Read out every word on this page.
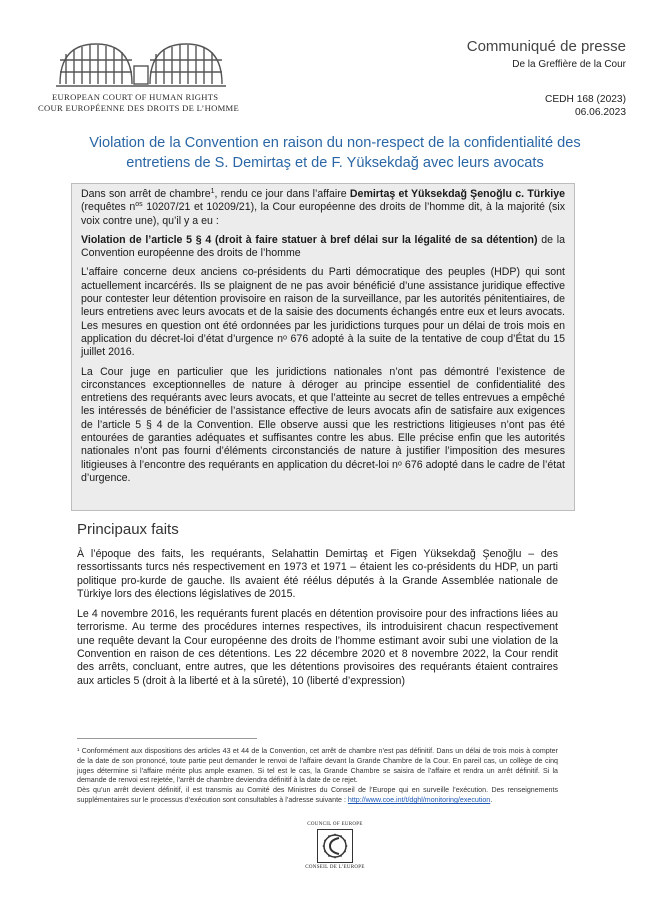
EUROPEAN COURT OF HUMAN RIGHTS
COUR EUROPÉENNE DES DROITS DE L’HOMME
Communiqué de presse
De la Greffière de la Cour
CEDH 168 (2023)
06.06.2023
Violation de la Convention en raison du non-respect de la confidentialité des entretiens de S. Demirtaş et de F. Yüksekdağ avec leurs avocats

Dans son arrêt de chambre$^1$, rendu ce jour dans l’affaire Demirtaş et Yüksekdağ Şenoğlu c. Türkiye (requêtes $n^{os}$ 10207/21 et 10209/21), la Cour européenne des droits de l’homme dit, à la majorité (six voix contre une), qu’il y a eu :

Violation de l’article 5 § 4 (droit à faire statuer à bref délai sur la légalité de sa détention) de la Convention européenne des droits de l’homme

L’affaire concerne deux anciens co-présidents du Parti démocratique des peuples (HDP) qui sont actuellement incarcérés. Ils se plaignent de ne pas avoir bénéficié d’une assistance juridique effective pour contester leur détention provisoire en raison de la surveillance, par les autorités pénitentiaires, de leurs entretiens avec leurs avocats et de la saisie des documents échangés entre eux et leurs avocats. Les mesures en question ont été ordonnées par les juridictions turques pour un délai de trois mois en application du décret-loi d’état d’urgence nᵒ 676 adopté à la suite de la tentative de coup d’État du 15 juillet 2016.

La Cour juge en particulier que les juridictions nationales n’ont pas démontré l’existence de circonstances exceptionnelles de nature à déroger au principe essentiel de confidentialité des entretiens des requérants avec leurs avocats, et que l’atteinte au secret de telles entrevues a empêché les intéressés de bénéficier de l’assistance effective de leurs avocats afin de satisfaire aux exigences de l’article 5 § 4 de la Convention. Elle observe aussi que les restrictions litigieuses n’ont pas été entourées de garanties adéquates et suffisantes contre les abus. Elle précise enfin que les autorités nationales n’ont pas fourni d’éléments circonstanciés de nature à justifier l’imposition des mesures litigieuses à l’encontre des requérants en application du décret-loi nᵒ 676 adopté dans le cadre de l’état d’urgence.

Principaux faits

À l’époque des faits, les requérants, Selahattin Demirtaş et Figen Yüksekdağ Şenoğlu – des ressortissants turcs nés respectivement en 1973 et 1971 – étaient les co-présidents du HDP, un parti politique pro-kurde de gauche. Ils avaient été réélus députés à la Grande Assemblée nationale de Türkiye lors des élections législatives de 2015.

Le 4 novembre 2016, les requérants furent placés en détention provisoire pour des infractions liées au terrorisme. Au terme des procédures internes respectives, ils introduisirent chacun respectivement une requête devant la Cour européenne des droits de l’homme estimant avoir subi une violation de la Convention en raison de ces détentions. Les 22 décembre 2020 et 8 novembre 2022, la Cour rendit des arrêts, concluant, entre autres, que les détentions provisoires des requérants étaient contraires aux articles 5 (droit à la liberté et à la sûreté), 10 (liberté d’expression)

¹ Conformément aux dispositions des articles 43 et 44 de la Convention, cet arrêt de chambre n’est pas définitif. Dans un délai de trois mois à compter de la date de son prononcé, toute partie peut demander le renvoi de l’affaire devant la Grande Chambre de la Cour. En pareil cas, un collège de cinq juges détermine si l’affaire mérite plus ample examen. Si tel est le cas, la Grande Chambre se saisira de l’affaire et rendra un arrêt définitif. Si la demande de renvoi est rejetée, l’arrêt de chambre deviendra définitif à la date de ce rejet.

Dès qu’un arrêt devient définitif, il est transmis au Comité des Ministres du Conseil de l’Europe qui en surveille l’exécution. Des renseignements supplémentaires sur le processus d’exécution sont consultables à l’adresse suivante : http://www.coe.int/t/dghl/monitoring/execution.

COUNCIL OF EUROPE
CONSEIL DE L’EUROPE
